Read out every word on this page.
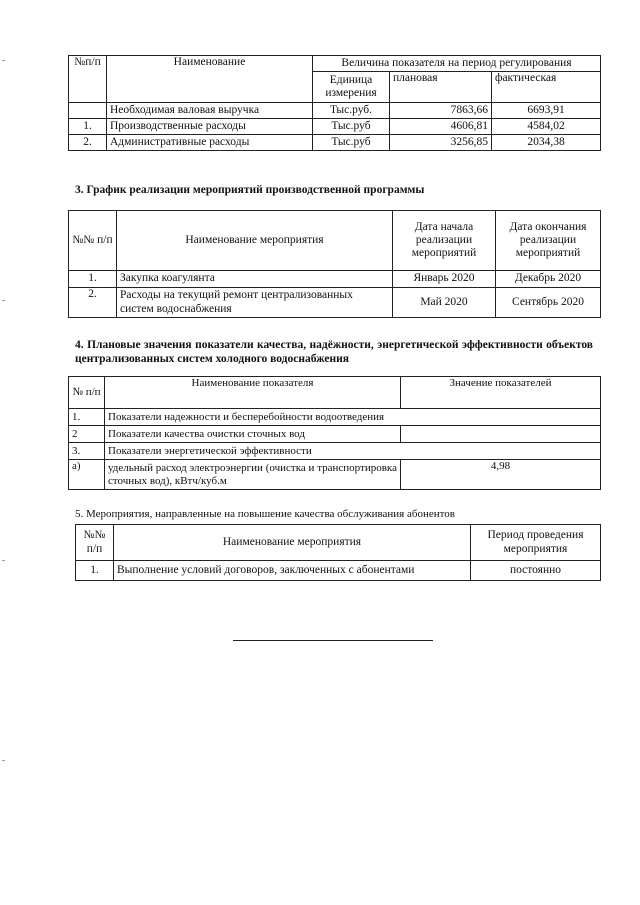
№п/п	Наименование	Величина показателя на период регулирования		
		Единица измерения	плановая	фактическая
	Необходимая валовая выручка	Тыс.руб.	7863,66	6693,91
1.	Производственные расходы	Тыс.руб	4606,81	4584,02
2.	Административные расходы	Тыс.руб	3256,85	2034,38
3. График реализации мероприятий производственной программы
№№ п/п	Наименование мероприятия	Дата начала реализации мероприятий	Дата окончания реализации мероприятий
1.	Закупка коагулянта	Январь 2020	Декабрь 2020
2.	Расходы на текущий ремонт централизованных систем водоснабжения	Май 2020	Сентябрь 2020
4. Плановые значения показатели качества, надёжности, энергетической эффективности объектов централизованных систем холодного водоснабжения
№ п/п	Наименование показателя	Значение показателей
1.	Показатели надежности и бесперебойности водоотведения	
2	Показатели качества очистки сточных вод	
3.	Показатели энергетической эффективности	
а)	удельный расход электроэнергии (очистка и транспортировка сточных вод), кВтч/куб.м	4,98
5. Мероприятия, направленные на повышение качества обслуживания абонентов
№№ п/п	Наименование мероприятия	Период проведения мероприятия
1.	Выполнение условий договоров, заключенных с абонентами	постоянно
